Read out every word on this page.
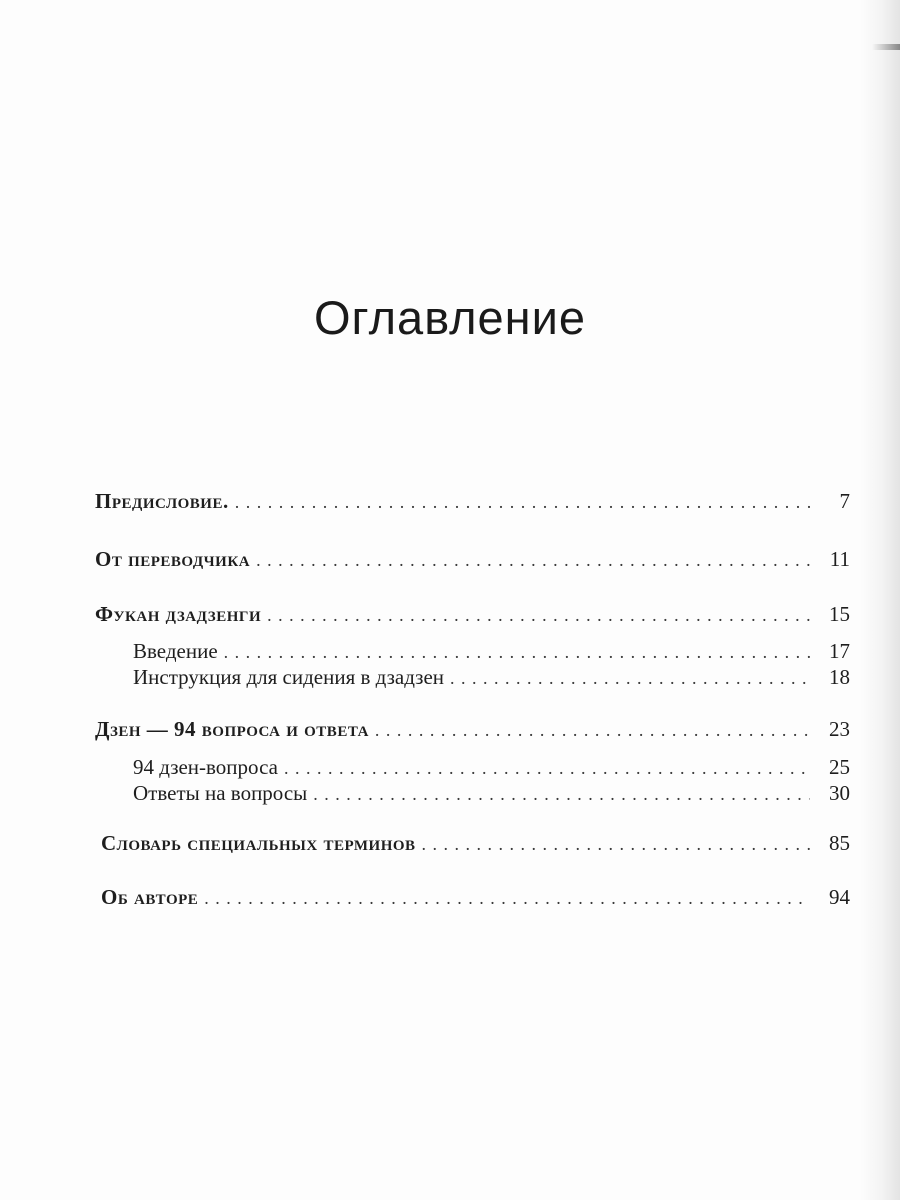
Оглавление
Предисловие. . . .	7
От переводчика . . .	11
Фукан дзадзенги . . .	15
Введение . . .	17
Инструкция для сидения в дзадзен . . .	18
Дзен — 94 вопроса и ответа . . .	23
94 дзен-вопроса . . .	25
Ответы на вопросы . . .	30
Словарь специальных терминов . . .	85
Об авторе . . .	94
